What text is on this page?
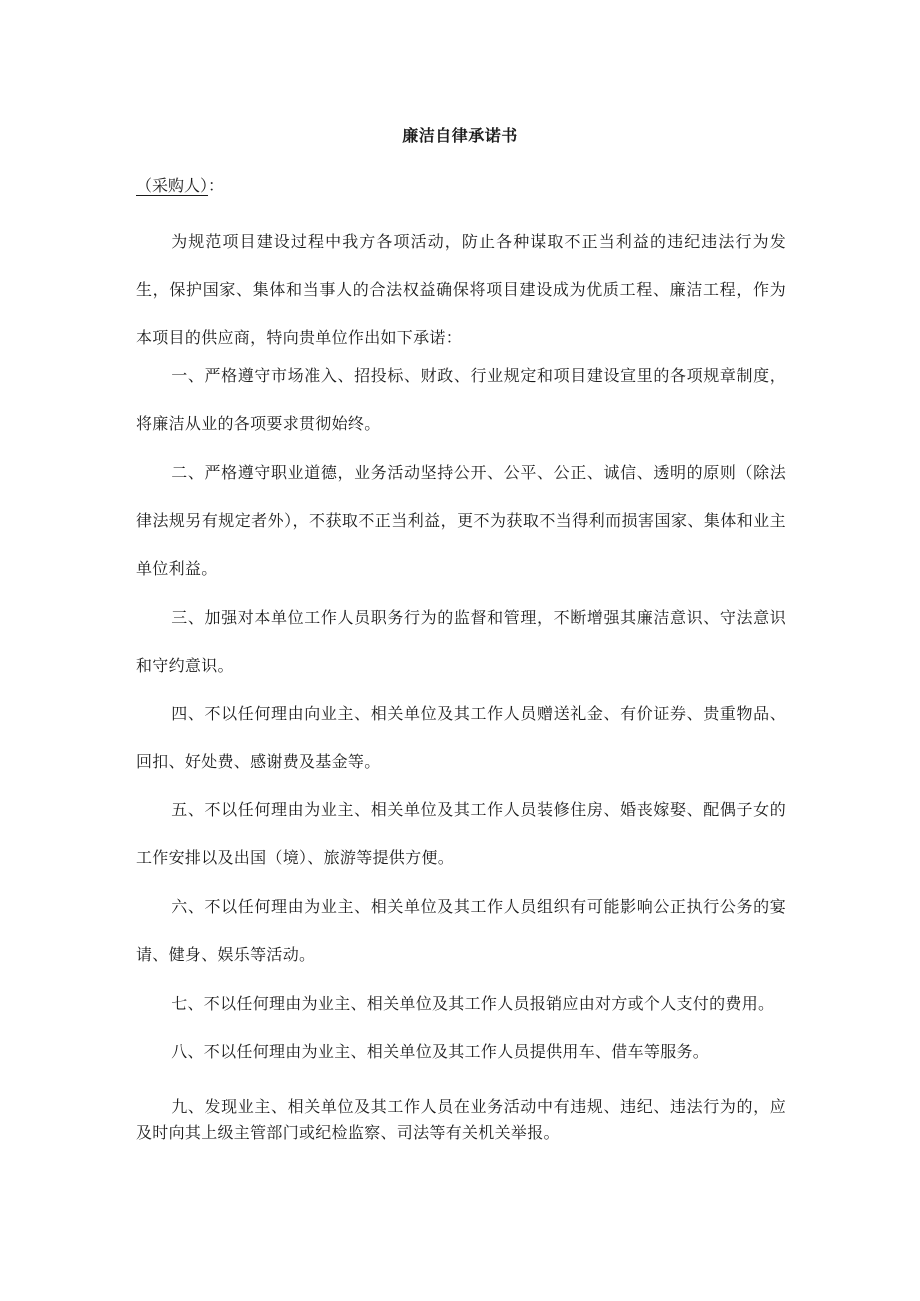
廉洁自律承诺书
（采购人）：

为规范项目建设过程中我方各项活动，防止各种谋取不正当利益的违纪违法行为发生，保护国家、集体和当事人的合法权益确保将项目建设成为优质工程、廉洁工程，作为本项目的供应商，特向贵单位作出如下承诺：

一、严格遵守市场准入、招投标、财政、行业规定和项目建设宣里的各项规章制度，将廉洁从业的各项要求贯彻始终。

二、严格遵守职业道德，业务活动坚持公开、公平、公正、诚信、透明的原则（除法律法规另有规定者外），不获取不正当利益，更不为获取不当得利而损害国家、集体和业主单位利益。

三、加强对本单位工作人员职务行为的监督和管理，不断增强其廉洁意识、守法意识和守约意识。

四、不以任何理由向业主、相关单位及其工作人员赠送礼金、有价证券、贵重物品、回扣、好处费、感谢费及基金等。

五、不以任何理由为业主、相关单位及其工作人员装修住房、婚丧嫁娶、配偶子女的工作安排以及出国（境）、旅游等提供方便。

六、不以任何理由为业主、相关单位及其工作人员组织有可能影响公正执行公务的宴请、健身、娱乐等活动。

七、不以任何理由为业主、相关单位及其工作人员报销应由对方或个人支付的费用。

八、不以任何理由为业主、相关单位及其工作人员提供用车、借车等服务。

九、发现业主、相关单位及其工作人员在业务活动中有违规、违纪、违法行为的，应及时向其上级主管部门或纪检监察、司法等有关机关举报。
